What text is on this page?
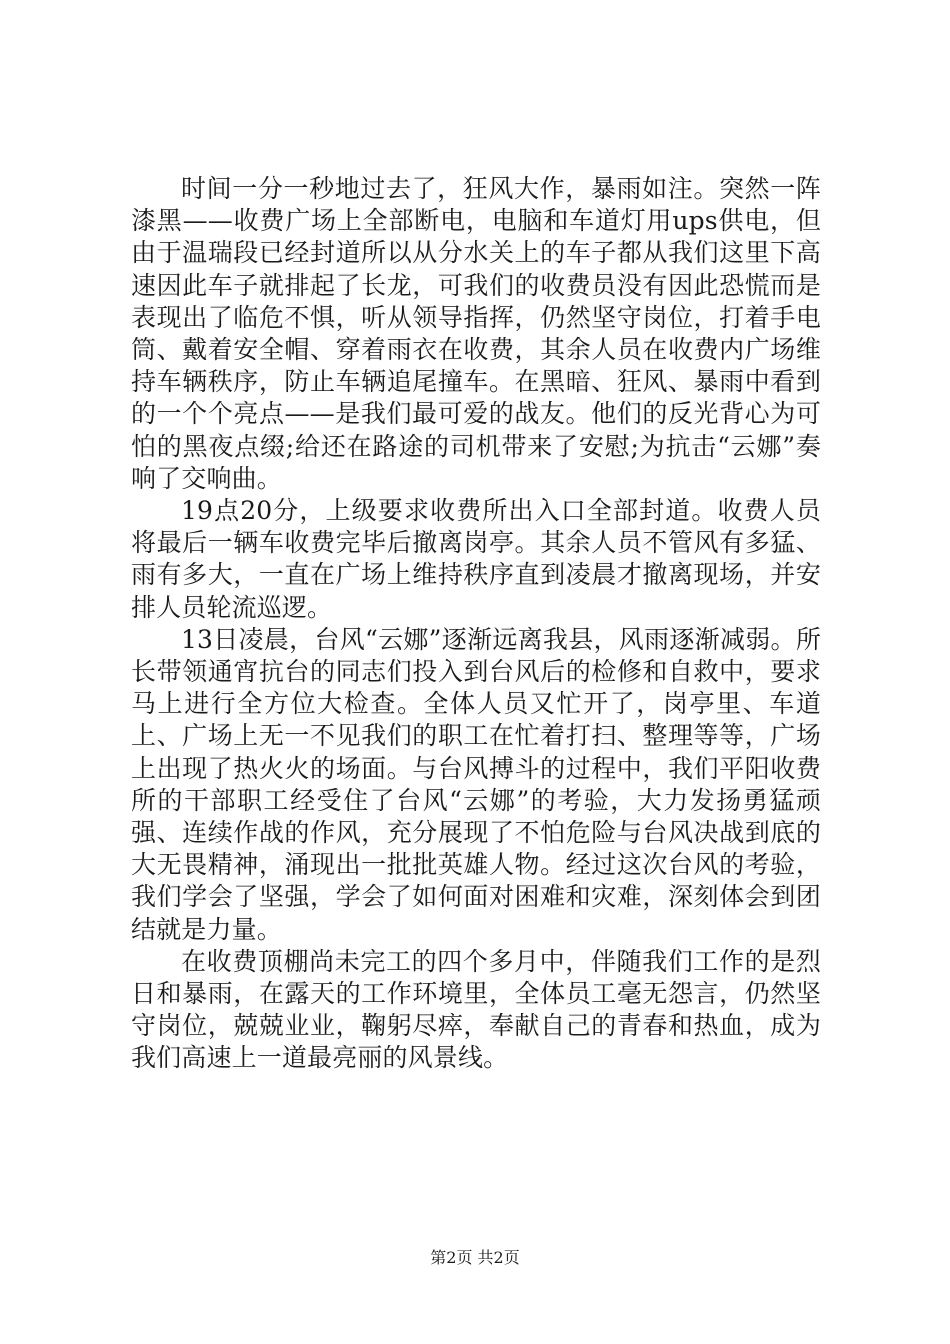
时间一分一秒地过去了，狂风大作，暴雨如注。突然一阵漆黑——收费广场上全部断电，电脑和车道灯用ups供电，但由于温瑞段已经封道所以从分水关上的车子都从我们这里下高速因此车子就排起了长龙，可我们的收费员没有因此恐慌而是表现出了临危不惧，听从领导指挥，仍然坚守岗位，打着手电筒、戴着安全帽、穿着雨衣在收费，其余人员在收费内广场维持车辆秩序，防止车辆追尾撞车。在黑暗、狂风、暴雨中看到的一个个亮点——是我们最可爱的战友。他们的反光背心为可怕的黑夜点缀;给还在路途的司机带来了安慰;为抗击“云娜”奏响了交响曲。

19点20分，上级要求收费所出入口全部封道。收费人员将最后一辆车收费完毕后撤离岗亭。其余人员不管风有多猛、雨有多大，一直在广场上维持秩序直到凌晨才撤离现场，并安排人员轮流巡逻。

13日凌晨，台风“云娜”逐渐远离我县，风雨逐渐减弱。所长带领通宵抗台的同志们投入到台风后的检修和自救中，要求马上进行全方位大检查。全体人员又忙开了，岗亭里、车道上、广场上无一不见我们的职工在忙着打扫、整理等等，广场上出现了热火火的场面。与台风搏斗的过程中，我们平阳收费所的干部职工经受住了台风“云娜”的考验，大力发扬勇猛顽强、连续作战的作风，充分展现了不怕危险与台风决战到底的大无畏精神，涌现出一批批英雄人物。经过这次台风的考验，我们学会了坚强，学会了如何面对困难和灾难，深刻体会到团结就是力量。

在收费顶棚尚未完工的四个多月中，伴随我们工作的是烈日和暴雨，在露天的工作环境里，全体员工毫无怨言，仍然坚守岗位，兢兢业业，鞠躬尽瘁，奉献自己的青春和热血，成为我们高速上一道最亮丽的风景线。

第2页 共2页
